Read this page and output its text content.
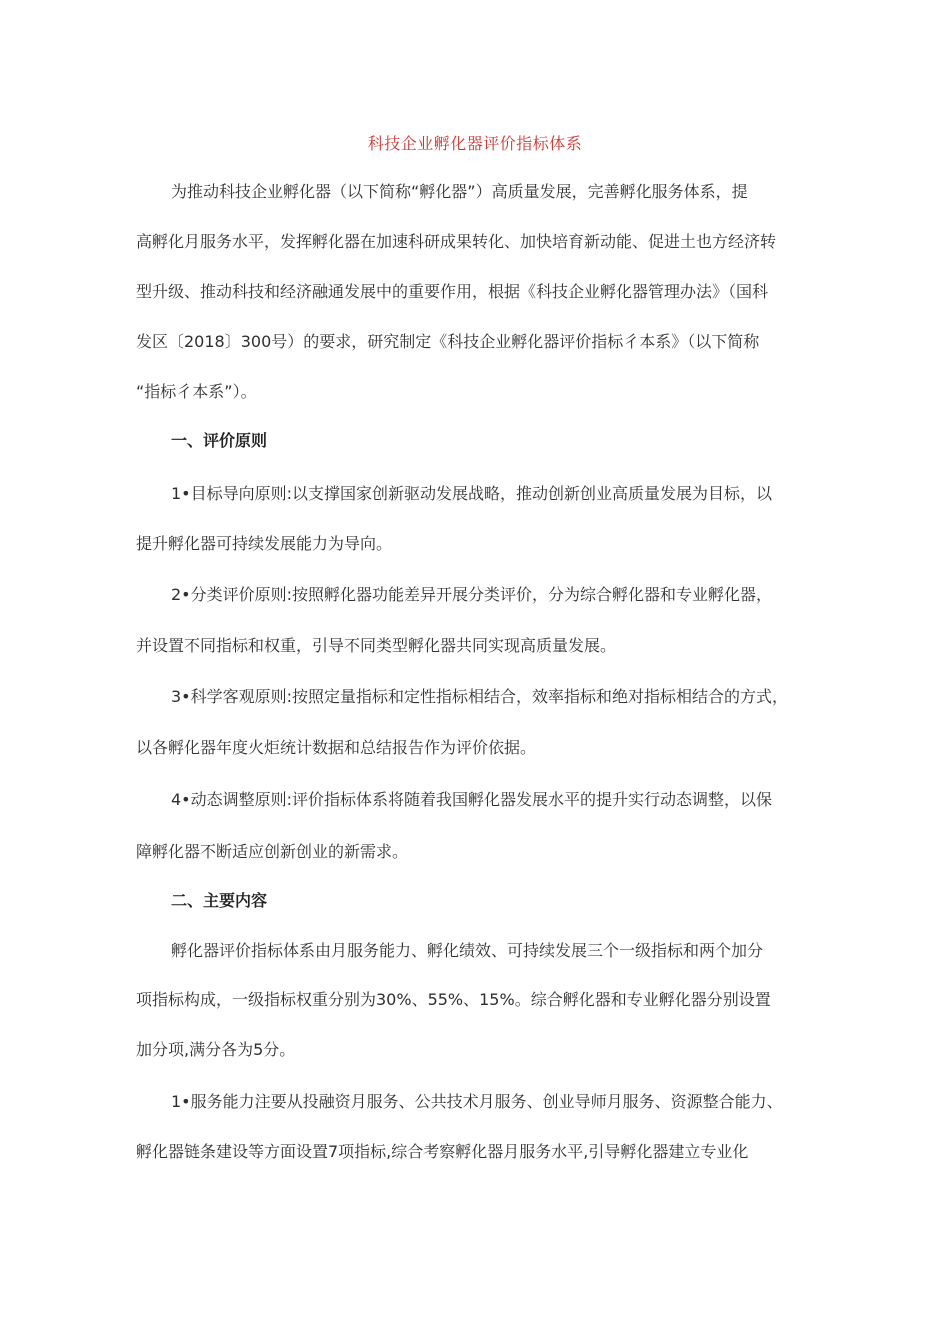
科技企业孵化器评价指标体系
为推动科技企业孵化器（以下简称“孵化器”）高质量发展，完善孵化服务体系，提
高孵化月服务水平，发挥孵化器在加速科研成果转化、加快培育新动能、促进土也方经济转
型升级、推动科技和经济融通发展中的重要作用，根据《科技企业孵化器管理办法》（国科
发区〔2018〕300号）的要求，研究制定《科技企业孵化器评价指标彳本系》（以下简称
“指标彳本系”）。
一、评价原则
1•目标导向原则:以支撑国家创新驱动发展战略，推动创新创业高质量发展为目标，以
提升孵化器可持续发展能力为导向。
2•分类评价原则:按照孵化器功能差异开展分类评价，分为综合孵化器和专业孵化器，
并设置不同指标和权重，引导不同类型孵化器共同实现高质量发展。
3•科学客观原则:按照定量指标和定性指标相结合，效率指标和绝对指标相结合的方式，
以各孵化器年度火炬统计数据和总结报告作为评价依据。
4•动态调整原则:评价指标体系将随着我国孵化器发展水平的提升实行动态调整，以保
障孵化器不断适应创新创业的新需求。
二、主要内容
孵化器评价指标体系由月服务能力、孵化绩效、可持续发展三个一级指标和两个加分
项指标构成，一级指标权重分别为30%、55%、15%。综合孵化器和专业孵化器分别设置
加分项,满分各为5分。
1•服务能力注要从投融资月服务、公共技术月服务、创业导师月服务、资源整合能力、
孵化器链条建设等方面设置7项指标,综合考察孵化器月服务水平,引导孵化器建立专业化
